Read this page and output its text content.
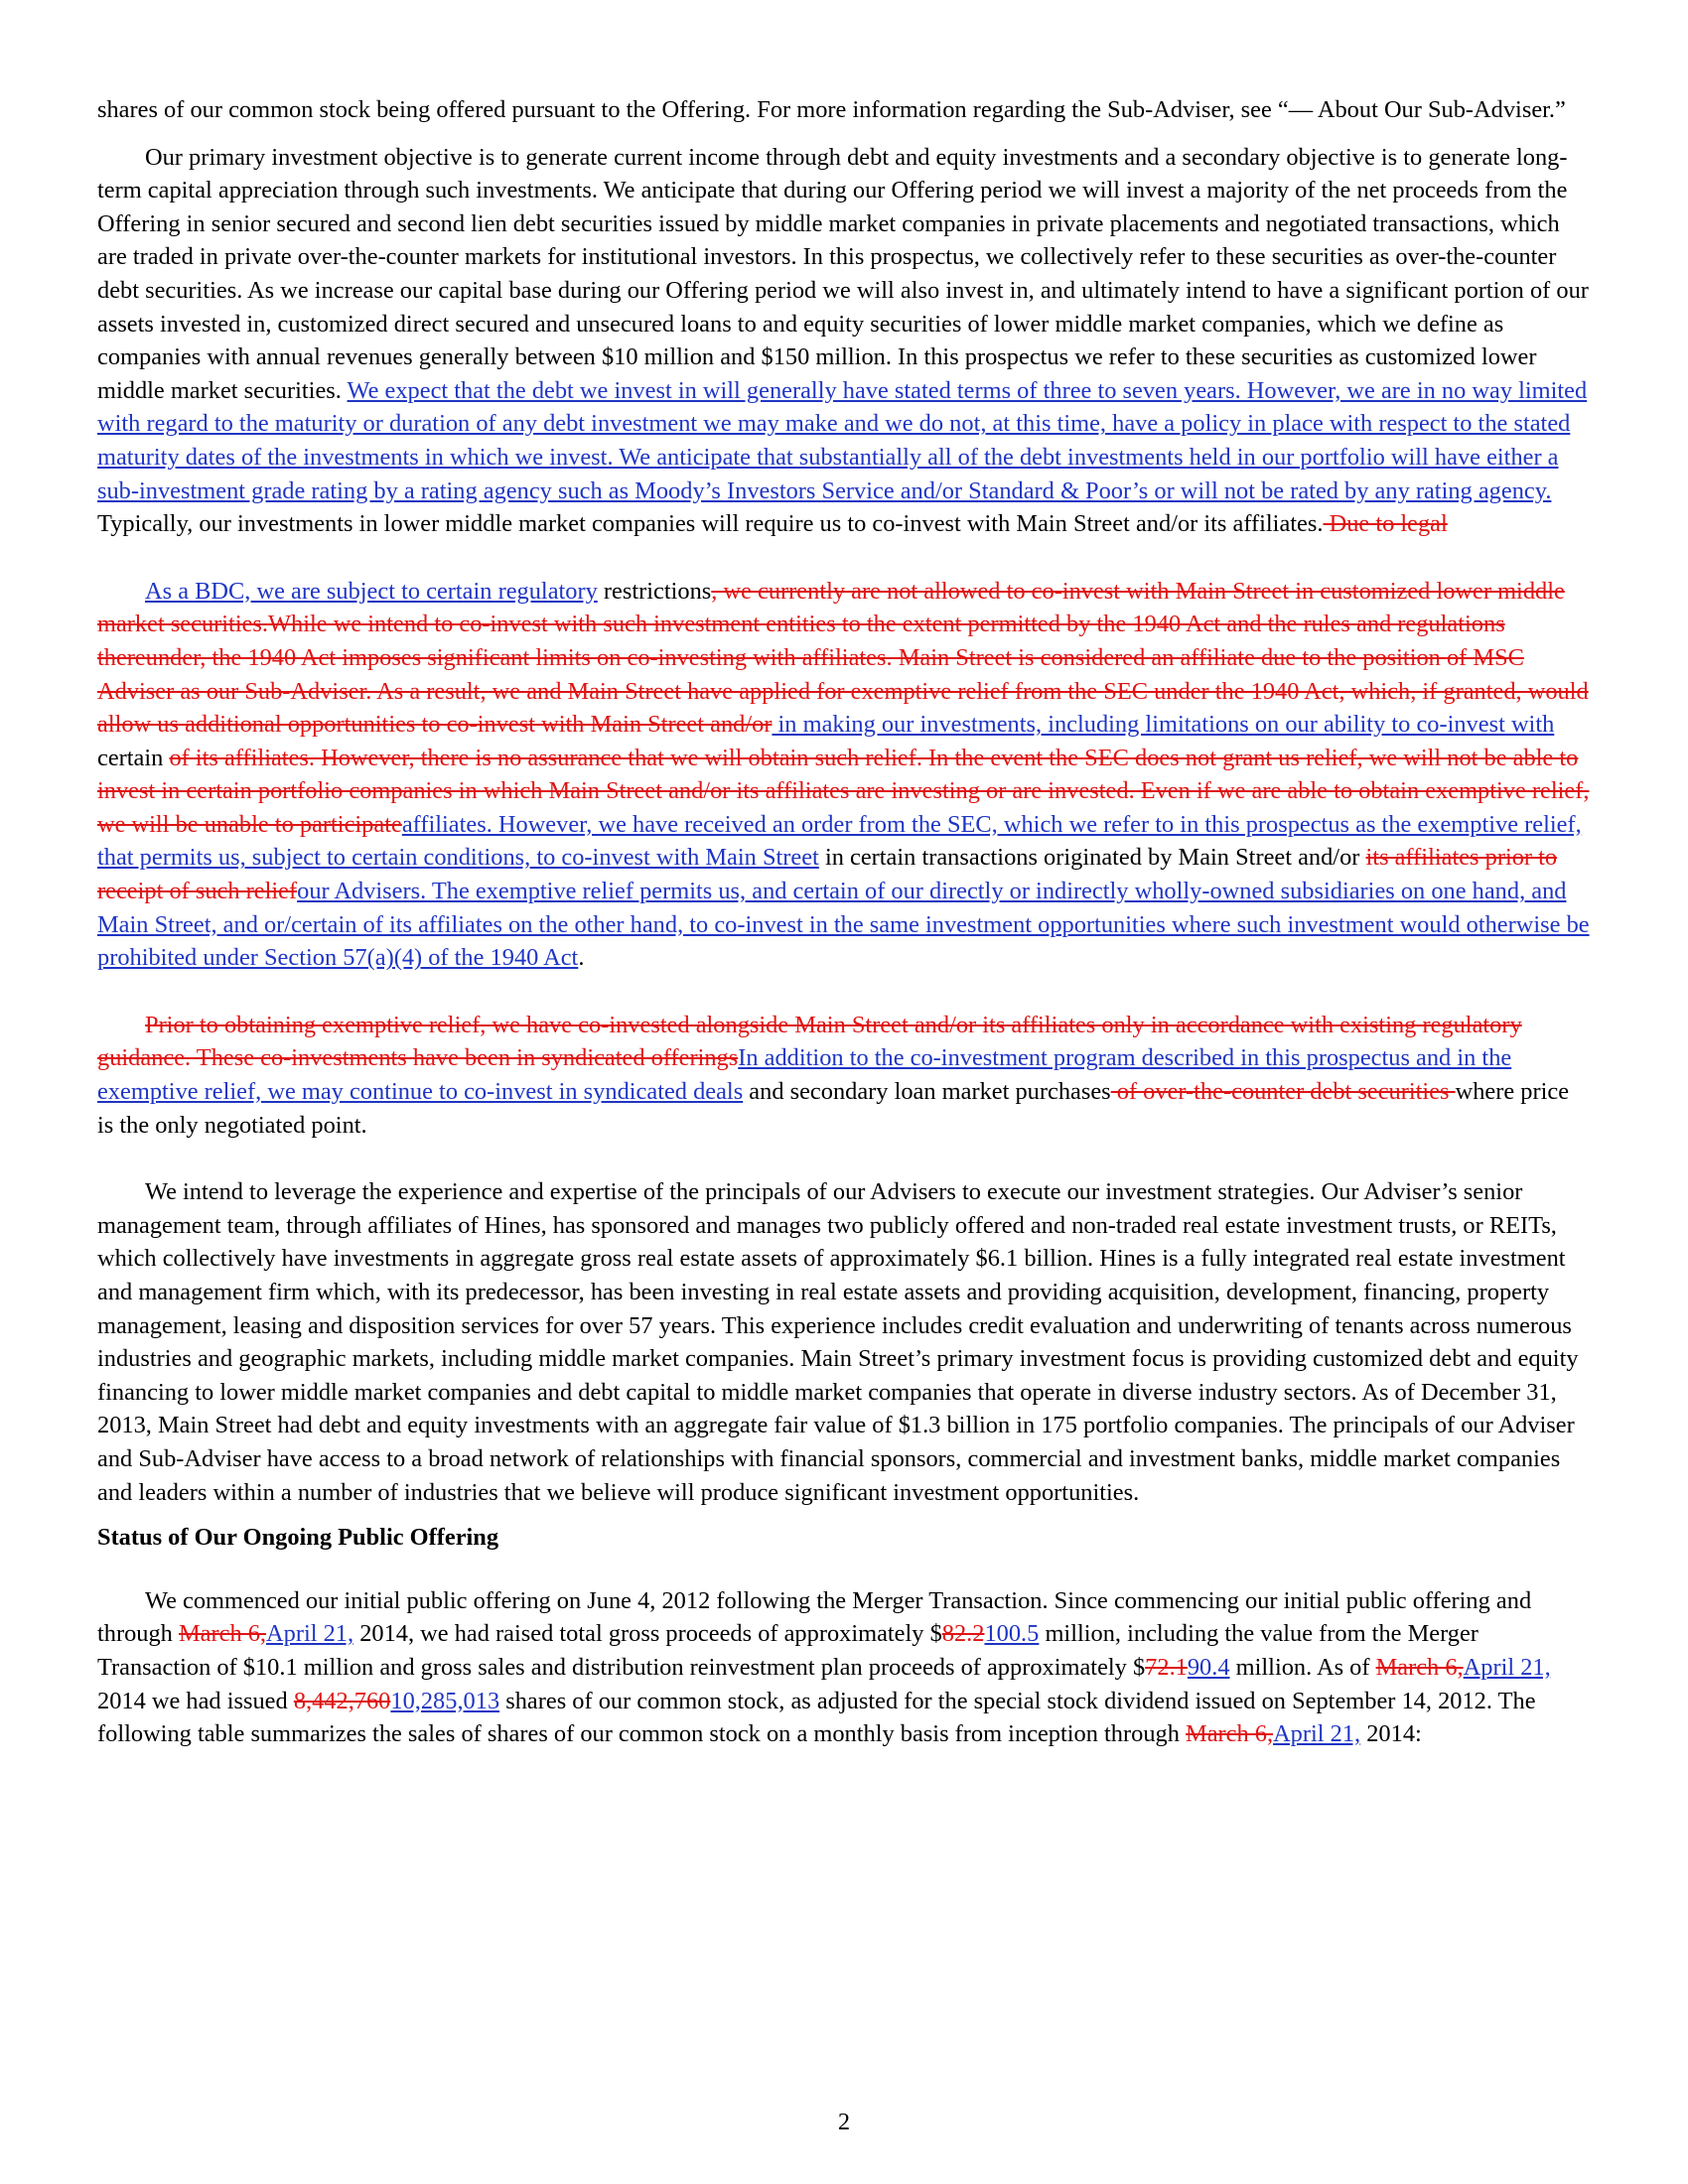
shares of our common stock being offered pursuant to the Offering. For more information regarding the Sub-Adviser, see “— About Our Sub-Adviser.”

Our primary investment objective is to generate current income through debt and equity investments and a secondary objective is to generate long-term capital appreciation through such investments. We anticipate that during our Offering period we will invest a majority of the net proceeds from the Offering in senior secured and second lien debt securities issued by middle market companies in private placements and negotiated transactions, which are traded in private over-the-counter markets for institutional investors. In this prospectus, we collectively refer to these securities as over-the-counter debt securities. As we increase our capital base during our Offering period we will also invest in, and ultimately intend to have a significant portion of our assets invested in, customized direct secured and unsecured loans to and equity securities of lower middle market companies, which we define as companies with annual revenues generally between $10 million and $150 million. In this prospectus we refer to these securities as customized lower middle market securities. We expect that the debt we invest in will generally have stated terms of three to seven years. However, we are in no way limited with regard to the maturity or duration of any debt investment we may make and we do not, at this time, have a policy in place with respect to the stated maturity dates of the investments in which we invest. We anticipate that substantially all of the debt investments held in our portfolio will have either a sub-investment grade rating by a rating agency such as Moody’s Investors Service and/or Standard & Poor’s or will not be rated by any rating agency. Typically, our investments in lower middle market companies will require us to co-invest with Main Street and/or its affiliates. Due to legal

As a BDC, we are subject to certain regulatory restrictions, we currently are not allowed to co-invest with Main Street in customized lower middle market securities.While we intend to co-invest with such investment entities to the extent permitted by the 1940 Act and the rules and regulations thereunder, the 1940 Act imposes significant limits on co-investing with affiliates. Main Street is considered an affiliate due to the position of MSC Adviser as our Sub-Adviser. As a result, we and Main Street have applied for exemptive relief from the SEC under the 1940 Act, which, if granted, would allow us additional opportunities to co-invest with Main Street and/or in making our investments, including limitations on our ability to co-invest with certain of its affiliates. However, there is no assurance that we will obtain such relief. In the event the SEC does not grant us relief, we will not be able to invest in certain portfolio companies in which Main Street and/or its affiliates are investing or are invested. Even if we are able to obtain exemptive relief, we will be unable to participateaffiliates. However, we have received an order from the SEC, which we refer to in this prospectus as the exemptive relief, that permits us, subject to certain conditions, to co-invest with Main Street in certain transactions originated by Main Street and/or its affiliates prior to receipt of such reliefour Advisers. The exemptive relief permits us, and certain of our directly or indirectly wholly-owned subsidiaries on one hand, and Main Street, and or/certain of its affiliates on the other hand, to co-invest in the same investment opportunities where such investment would otherwise be prohibited under Section 57(a)(4) of the 1940 Act.

Prior to obtaining exemptive relief, we have co-invested alongside Main Street and/or its affiliates only in accordance with existing regulatory guidance. These co-investments have been in syndicated offeringsIn addition to the co-investment program described in this prospectus and in the exemptive relief, we may continue to co-invest in syndicated deals and secondary loan market purchases of over-the-counter debt securities where price is the only negotiated point.

We intend to leverage the experience and expertise of the principals of our Advisers to execute our investment strategies. Our Adviser’s senior management team, through affiliates of Hines, has sponsored and manages two publicly offered and non-traded real estate investment trusts, or REITs, which collectively have investments in aggregate gross real estate assets of approximately $6.1 billion. Hines is a fully integrated real estate investment and management firm which, with its predecessor, has been investing in real estate assets and providing acquisition, development, financing, property management, leasing and disposition services for over 57 years. This experience includes credit evaluation and underwriting of tenants across numerous industries and geographic markets, including middle market companies. Main Street’s primary investment focus is providing customized debt and equity financing to lower middle market companies and debt capital to middle market companies that operate in diverse industry sectors. As of December 31, 2013, Main Street had debt and equity investments with an aggregate fair value of $1.3 billion in 175 portfolio companies. The principals of our Adviser and Sub-Adviser have access to a broad network of relationships with financial sponsors, commercial and investment banks, middle market companies and leaders within a number of industries that we believe will produce significant investment opportunities.

Status of Our Ongoing Public Offering

We commenced our initial public offering on June 4, 2012 following the Merger Transaction. Since commencing our initial public offering and through March 6,April 21, 2014, we had raised total gross proceeds of approximately $82.2100.5 million, including the value from the Merger Transaction of $10.1 million and gross sales and distribution reinvestment plan proceeds of approximately $72.190.4 million. As of March 6,April 21, 2014 we had issued 8,442,76010,285,013 shares of our common stock, as adjusted for the special stock dividend issued on September 14, 2012. The following table summarizes the sales of shares of our common stock on a monthly basis from inception through March 6,April 21, 2014:

2
